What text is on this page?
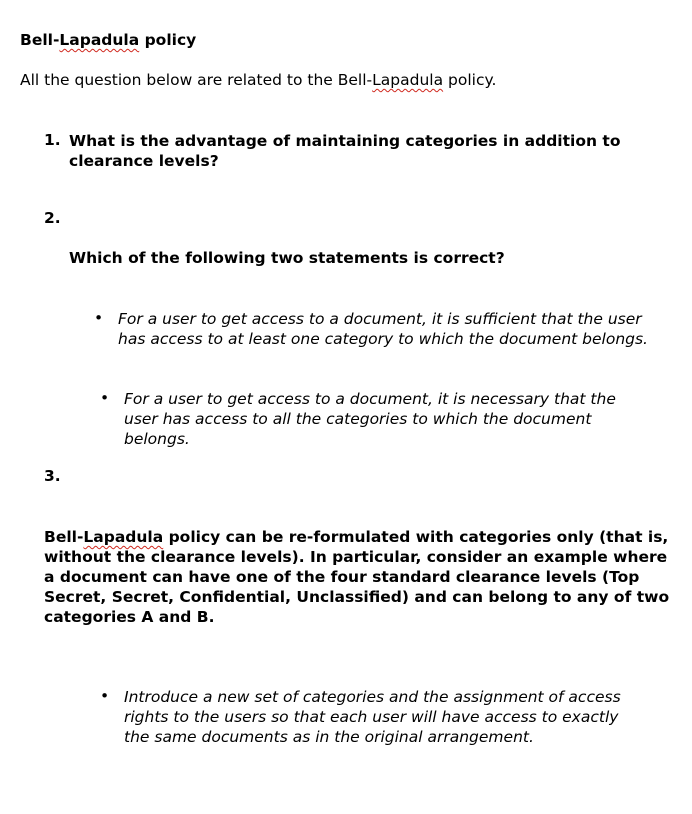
Bell-Lapadula policy
All the question below are related to the Bell-Lapadula policy.
1. What is the advantage of maintaining categories in addition to clearance levels?
2.
Which of the following two statements is correct?
• For a user to get access to a document, it is sufficient that the user has access to at least one category to which the document belongs.
• For a user to get access to a document, it is necessary that the user has access to all the categories to which the document belongs.
3.
Bell-Lapadula policy can be re-formulated with categories only (that is, without the clearance levels). In particular, consider an example where a document can have one of the four standard clearance levels (Top Secret, Secret, Confidential, Unclassified) and can belong to any of two categories A and B.
• Introduce a new set of categories and the assignment of access rights to the users so that each user will have access to exactly the same documents as in the original arrangement.
